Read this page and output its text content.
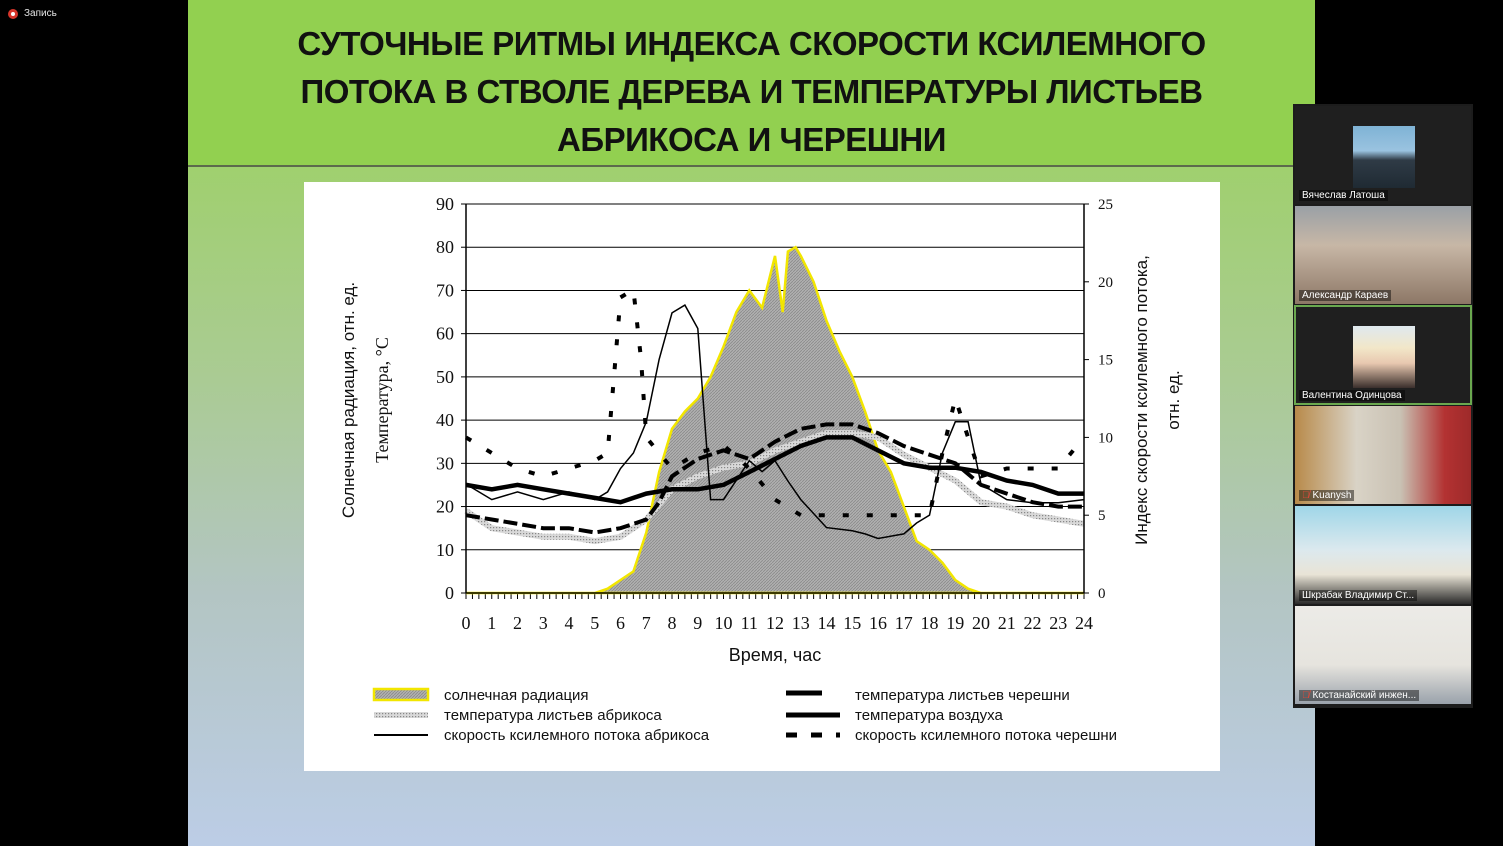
Запись
СУТОЧНЫЕ РИТМЫ ИНДЕКСА СКОРОСТИ КСИЛЕМНОГО
ПОТОКА В СТВОЛЕ ДЕРЕВА И ТЕМПЕРАТУРЫ ЛИСТЬЕВ
АБРИКОСА И ЧЕРЕШНИ
0
10
20
30
40
50
60
70
80
90
0
5
10
15
20
25
0 1 2 3 4 5 6 7 8 9 10 11 12 13 14 15 16 17 18 19 20 21 22 23 24
Время, час
Солнечная радиация, отн. ед. Температура, °С	Индекс скорости ксилемного потока, отн. ед.
солнечная радиация
температура листьев абрикоса
скорость ксилемного потока абрикоса
температура листьев черешни
температура воздуха
скорость ксилемного потока черешни
Вячеслав Латоша
Александр Караев
Валентина Одинцова
🎙̸ Kuanysh
Шкрабак Владимир Ст...
🎙̸ Костанайский инжен...
